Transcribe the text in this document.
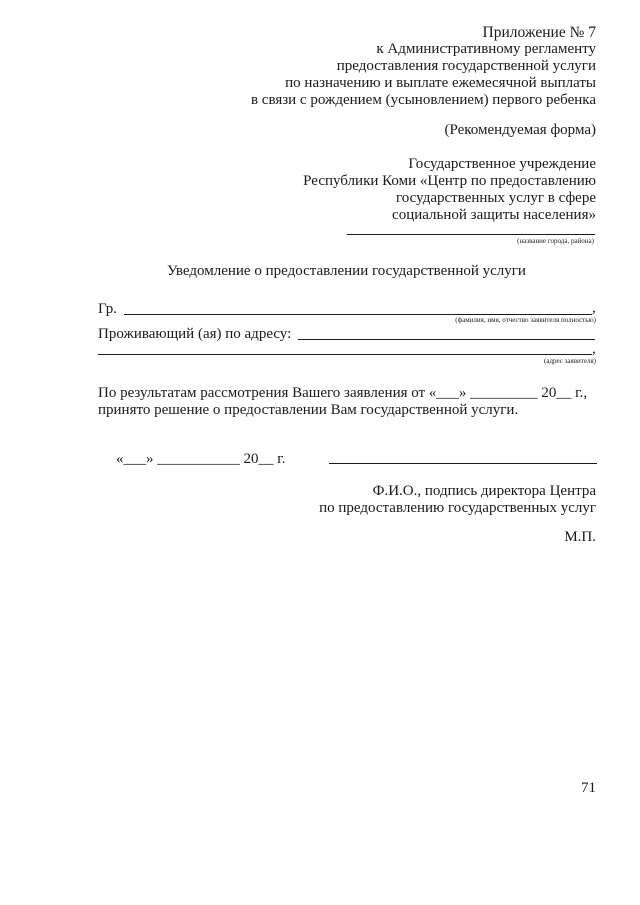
Приложение № 7
к Административному регламенту
предоставления государственной услуги
по назначению и выплате ежемесячной выплаты
в связи с рождением (усыновлением) первого ребенка
(Рекомендуемая форма)
Государственное учреждение
Республики Коми «Центр по предоставлению
государственных услуг в сфере
социальной защиты населения»
(название города, района)
Уведомление о предоставлении государственной услуги
Гр.	,
(фамилия, имя, отчество заявителя полностью)
Проживающий (ая) по адресу:
,
(адрес заявителя)
По результатам рассмотрения Вашего заявления от «___» _________ 20__ г.,
принято решение о предоставлении Вам государственной услуги.
«___» ___________ 20__ г.
Ф.И.О., подпись директора Центра
по предоставлению государственных услуг
М.П.
71
